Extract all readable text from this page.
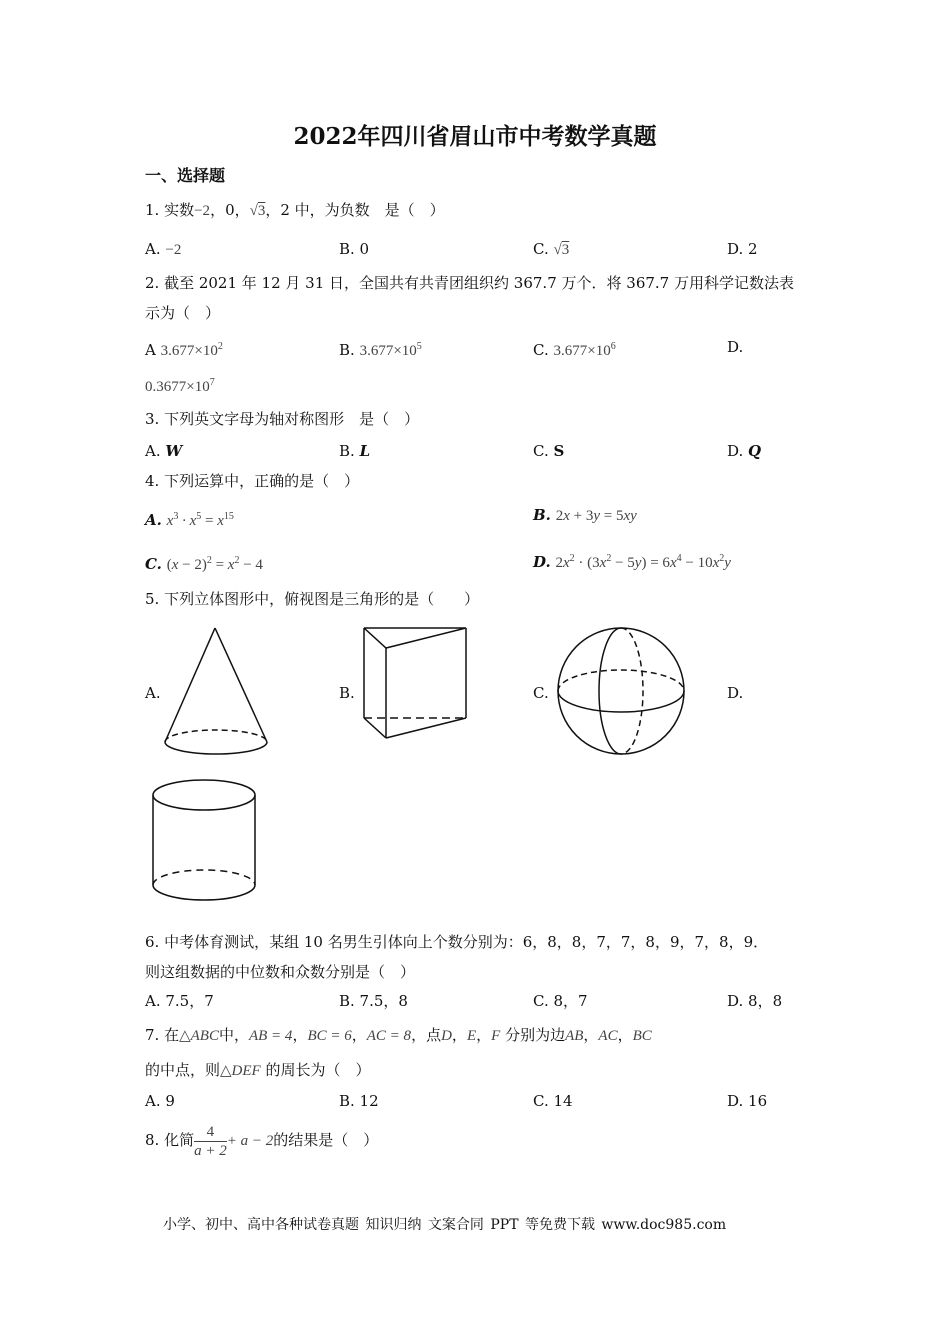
2022年四川省眉山市中考数学真题
一、选择题
1. 实数−2，0，√3，2 中，为负数　是（　）
A. −2	B. 0	C. √3	D. 2
2. 截至 2021 年 12 月 31 日，全国共有共青团组织约 367.7 万个．将 367.7 万用科学记数法表
示为（　）
A $3.677\times 10^2$	B. $3.677\times 10^5$	C. $3.677\times 10^6$	D.
$0.3677\times 10^7$
3. 下列英文字母为轴对称图形　是（　）
A. W	B. L	C. S	D. Q
4. 下列运算中，正确的是（　）
A. $x^3 \cdot x^5 = x^{15}$	B. 2x + 3y = 5xy
C. $(x - 2)^2 = x^2 - 4$	D. $2x^2 \cdot (3x^2 - 5y) = 6x^4 - 10x^2y$
5. 下列立体图形中，俯视图是三角形的是（　　）
A.	B.	C.	D.
6. 中考体育测试，某组 10 名男生引体向上个数分别为：6，8，8，7，7，8，9，7，8，9．
则这组数据的中位数和众数分别是（　）
A. 7.5，7	B. 7.5，8	C. 8，7	D. 8，8
7. 在△ABC中，AB = 4，BC = 6，AC = 8，点D，E，F 分别为边AB，AC，BC
的中点，则△DEF 的周长为（　）
A. 9	B. 12	C. 14	D. 16
8. 化简 $\frac{4}{a + 2} + a - 2$的结果是（　）
小学、初中、高中各种试卷真题 知识归纳 文案合同 PPT 等免费下载 www.doc985.com
